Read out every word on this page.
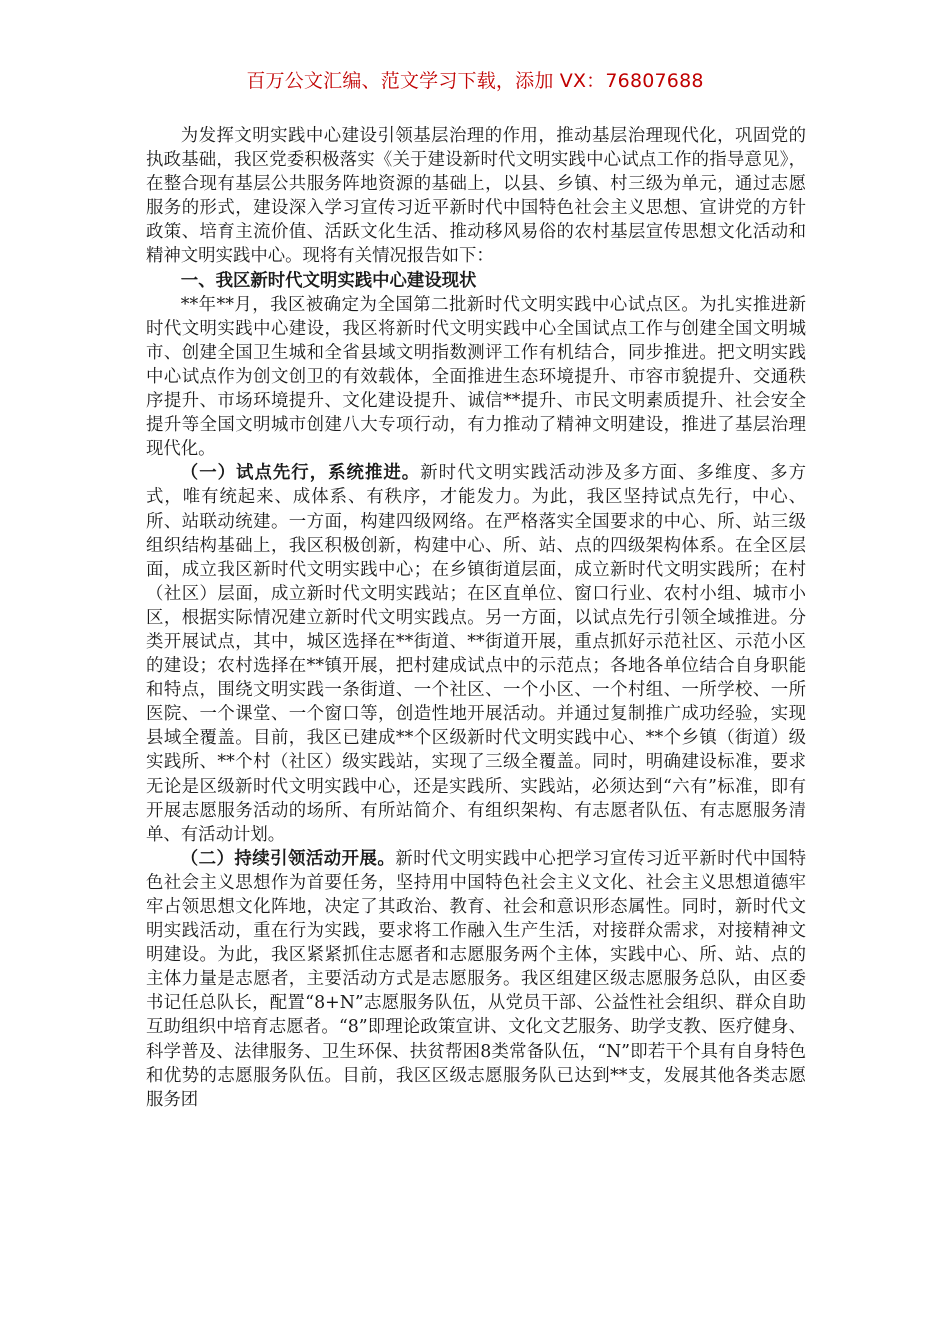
百万公文汇编、范文学习下载，添加 VX：76807688

为发挥文明实践中心建设引领基层治理的作用，推动基层治理现代化，巩固党的执政基础，我区党委积极落实《关于建设新时代文明实践中心试点工作的指导意见》，在整合现有基层公共服务阵地资源的基础上，以县、乡镇、村三级为单元，通过志愿服务的形式，建设深入学习宣传习近平新时代中国特色社会主义思想、宣讲党的方针政策、培育主流价值、活跃文化生活、推动移风易俗的农村基层宣传思想文化活动和精神文明实践中心。现将有关情况报告如下：

一、我区新时代文明实践中心建设现状

**年**月，我区被确定为全国第二批新时代文明实践中心试点区。为扎实推进新时代文明实践中心建设，我区将新时代文明实践中心全国试点工作与创建全国文明城市、创建全国卫生城和全省县域文明指数测评工作有机结合，同步推进。把文明实践中心试点作为创文创卫的有效载体，全面推进生态环境提升、市容市貌提升、交通秩序提升、市场环境提升、文化建设提升、诚信**提升、市民文明素质提升、社会安全提升等全国文明城市创建八大专项行动，有力推动了精神文明建设，推进了基层治理现代化。

（一）试点先行，系统推进。新时代文明实践活动涉及多方面、多维度、多方式，唯有统起来、成体系、有秩序，才能发力。为此，我区坚持试点先行，中心、所、站联动统建。一方面，构建四级网络。在严格落实全国要求的中心、所、站三级组织结构基础上，我区积极创新，构建中心、所、站、点的四级架构体系。在全区层面，成立我区新时代文明实践中心；在乡镇街道层面，成立新时代文明实践所；在村（社区）层面，成立新时代文明实践站；在区直单位、窗口行业、农村小组、城市小区，根据实际情况建立新时代文明实践点。另一方面，以试点先行引领全域推进。分类开展试点，其中，城区选择在**街道、**街道开展，重点抓好示范社区、示范小区的建设；农村选择在**镇开展，把村建成试点中的示范点；各地各单位结合自身职能和特点，围绕文明实践一条街道、一个社区、一个小区、一个村组、一所学校、一所医院、一个课堂、一个窗口等，创造性地开展活动。并通过复制推广成功经验，实现县域全覆盖。目前，我区已建成**个区级新时代文明实践中心、**个乡镇（街道）级实践所、**个村（社区）级实践站，实现了三级全覆盖。同时，明确建设标准，要求无论是区级新时代文明实践中心，还是实践所、实践站，必须达到“六有”标准，即有开展志愿服务活动的场所、有所站简介、有组织架构、有志愿者队伍、有志愿服务清单、有活动计划。

（二）持续引领活动开展。新时代文明实践中心把学习宣传习近平新时代中国特色社会主义思想作为首要任务，坚持用中国特色社会主义文化、社会主义思想道德牢牢占领思想文化阵地，决定了其政治、教育、社会和意识形态属性。同时，新时代文明实践活动，重在行为实践，要求将工作融入生产生活，对接群众需求，对接精神文明建设。为此，我区紧紧抓住志愿者和志愿服务两个主体，实践中心、所、站、点的主体力量是志愿者，主要活动方式是志愿服务。我区组建区级志愿服务总队，由区委书记任总队长，配置“8+N”志愿服务队伍，从党员干部、公益性社会组织、群众自助互助组织中培育志愿者。“8”即理论政策宣讲、文化文艺服务、助学支教、医疗健身、科学普及、法律服务、卫生环保、扶贫帮困8类常备队伍，“N”即若干个具有自身特色和优势的志愿服务队伍。目前，我区区级志愿服务队已达到**支，发展其他各类志愿服务团
